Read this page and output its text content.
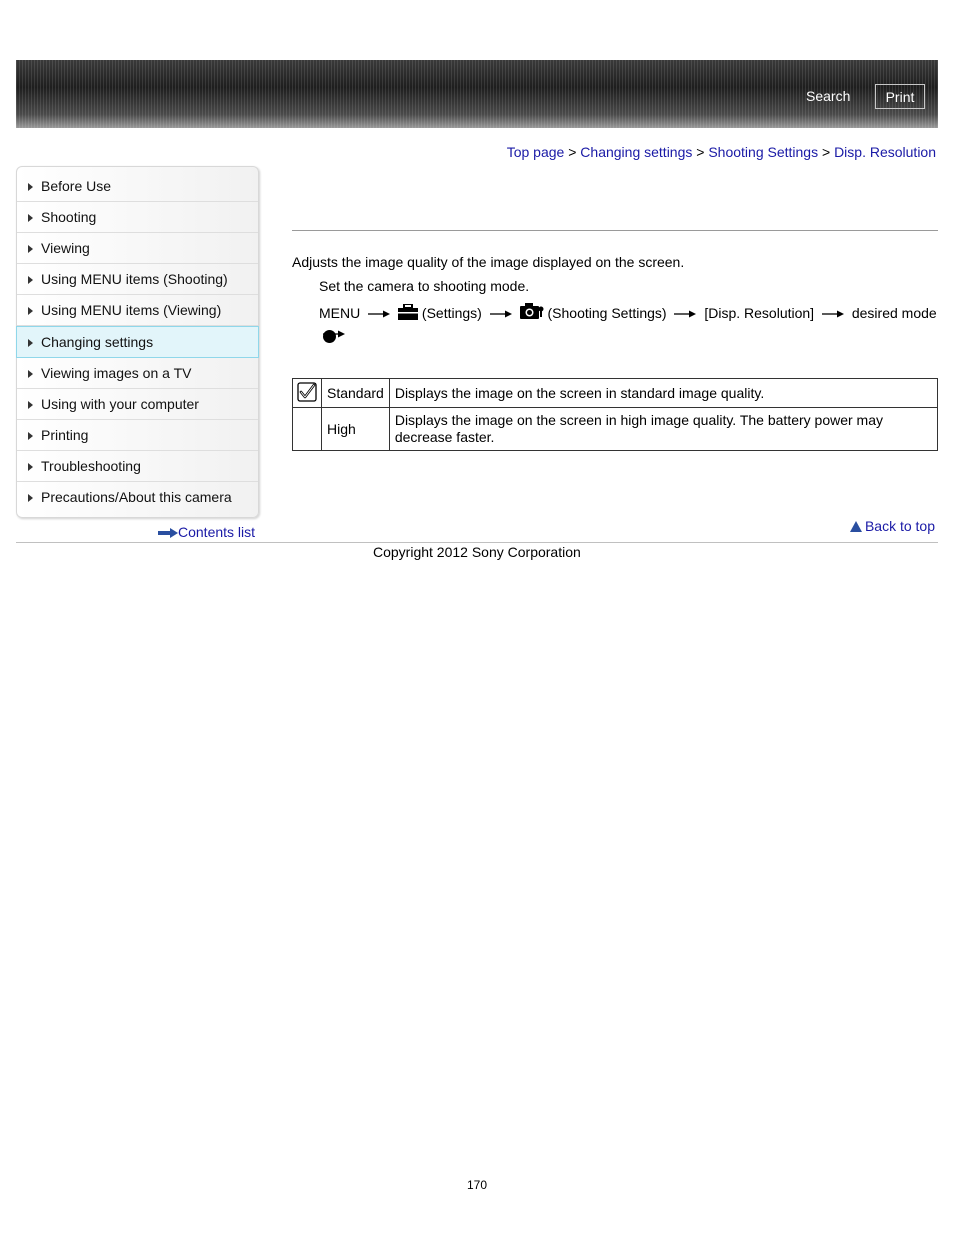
Search	Print
Top page > Changing settings > Shooting Settings > Disp. Resolution
Before Use
Shooting
Viewing
Using MENU items (Shooting)
Using MENU items (Viewing)
Changing settings
Viewing images on a TV
Using with your computer
Printing
Troubleshooting
Precautions/About this camera
Contents list
Adjusts the image quality of the image displayed on the screen.
Set the camera to shooting mode.
MENU	(Settings)	(Shooting Settings)	[Disp. Resolution]	desired mode
	Standard	Displays the image on the screen in standard image quality.
	High	Displays the image on the screen in high image quality. The battery power may decrease faster.
Back to top
Copyright 2012 Sony Corporation
170
